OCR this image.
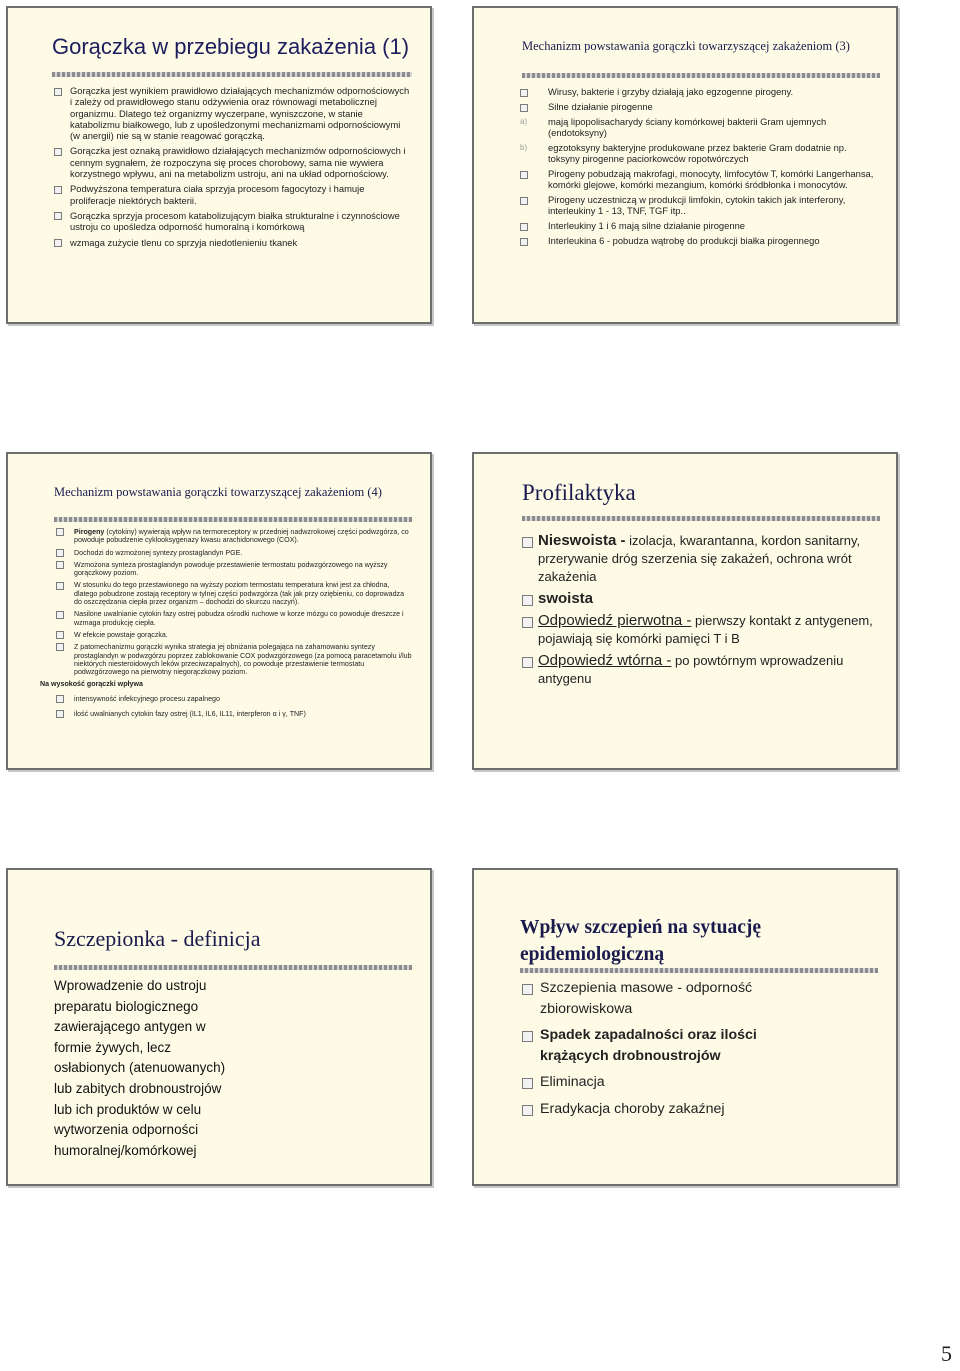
Gorączka w przebiegu zakażenia (1)
Gorączka jest wynikiem prawidłowo działających mechanizmów odpornościowych i zależy od prawidłowego stanu odżywienia oraz równowagi metabolicznej organizmu. Dlatego też organizmy wyczerpane, wyniszczone, w stanie katabolizmu białkowego, lub z upośledzonymi mechanizmami odpornościowymi (w anergii) nie są w stanie reagować gorączką.
Gorączka jest oznaką prawidłowo działających mechanizmów odpornościowych i cennym sygnałem, że rozpoczyna się proces chorobowy, sama nie wywiera korzystnego wpływu, ani na metabolizm ustroju, ani na układ odpornościowy.
Podwyższona temperatura ciała sprzyja procesom fagocytozy i hamuje proliferacje niektórych bakterii.
Gorączka sprzyja procesom katabolizującym białka strukturalne i czynnościowe ustroju co upośledza odporność humoralną i komórkową
wzmaga zużycie tlenu co sprzyja niedotlenieniu tkanek
Mechanizm powstawania gorączki towarzyszącej zakażeniom (3)
Wirusy, bakterie i grzyby działają jako egzogenne pirogeny.
Silne działanie pirogenne
a) mają lipopolisacharydy ściany komórkowej bakterii Gram ujemnych (endotoksyny)
b) egzotoksyny bakteryjne produkowane przez bakterie Gram dodatnie np. toksyny pirogenne paciorkowców ropotwórczych
Pirogeny pobudzają makrofagi, monocyty, limfocytów T, komórki Langerhansa, komórki glejowe, komórki mezangium, komórki śródbłonka i monocytów.
Pirogeny uczestniczą w produkcji limfokin, cytokin takich jak interferony, interleukiny 1 - 13, TNF, TGF itp..
Interleukiny 1 i 6 mają silne działanie pirogenne
Interleukina 6 - pobudza wątrobę do produkcji białka pirogennego
Mechanizm powstawania gorączki towarzyszącej zakażeniom (4)
Pirogeny (cytokiny) wywierają wpływ na termoreceptory w przedniej nadwzrokowej części podwzgórza, co powoduje pobudzenie cyklooksygenazy kwasu arachidonowego (COX).
Dochodzi do wzmożonej syntezy prostaglandyn PGE.
Wzmożona synteza prostaglandyn powoduje przestawienie termostatu podwzgórzowego na wyższy gorączkowy poziom.
W stosunku do tego przestawionego na wyższy poziom termostatu temperatura krwi jest za chłodna, dlatego pobudzone zostają receptory w tylnej części podwzgórza (tak jak przy oziębieniu, co doprowadza do oszczędzania ciepła przez organizm – dochodzi do skurczu naczyń).
Nasilone uwalnianie cytokin fazy ostrej pobudza ośrodki ruchowe w korze mózgu co powoduje dreszcze i wzmaga produkcję ciepła.
W efekcie powstaje gorączka.
Z patomechanizmu gorączki wynika strategia jej obniżania polegająca na zahamowaniu syntezy prostaglandyn w podwzgórzu poprzez zablokowanie COX podwzgórzowego (za pomocą paracetamolu i/lub niektórych niesteroidowych leków przeciwzapalnych), co powoduje przestawienie termostatu podwzgórzowego na pierwotny niegorączkowy poziom.
Na wysokość gorączki wpływa
intensywność infekcyjnego procesu zapalnego
ilość uwalnianych cytokin fazy ostrej (IL1, IL6, IL11, interpferon α i γ, TNF)
Profilaktyka
Nieswoista - izolacja, kwarantanna, kordon sanitarny, przerywanie dróg szerzenia się zakażeń, ochrona wrót zakażenia
swoista
Odpowiedź pierwotna - pierwszy kontakt z antygenem, pojawiają się komórki pamięci T i B
Odpowiedź wtórna - po powtórnym wprowadzeniu antygenu
Szczepionka - definicja
Wprowadzenie do ustroju preparatu biologicznego zawierającego antygen w formie żywych, lecz osłabionych (atenuowanych) lub zabitych drobnoustrojów lub ich produktów w celu wytworzenia odporności humoralnej/komórkowej
Wpływ szczepień na sytuację epidemiologiczną
Szczepienia masowe - odporność zbiorowiskowa
Spadek zapadalności oraz ilości krążących drobnoustrojów
Eliminacja
Eradykacja choroby zakaźnej
5
